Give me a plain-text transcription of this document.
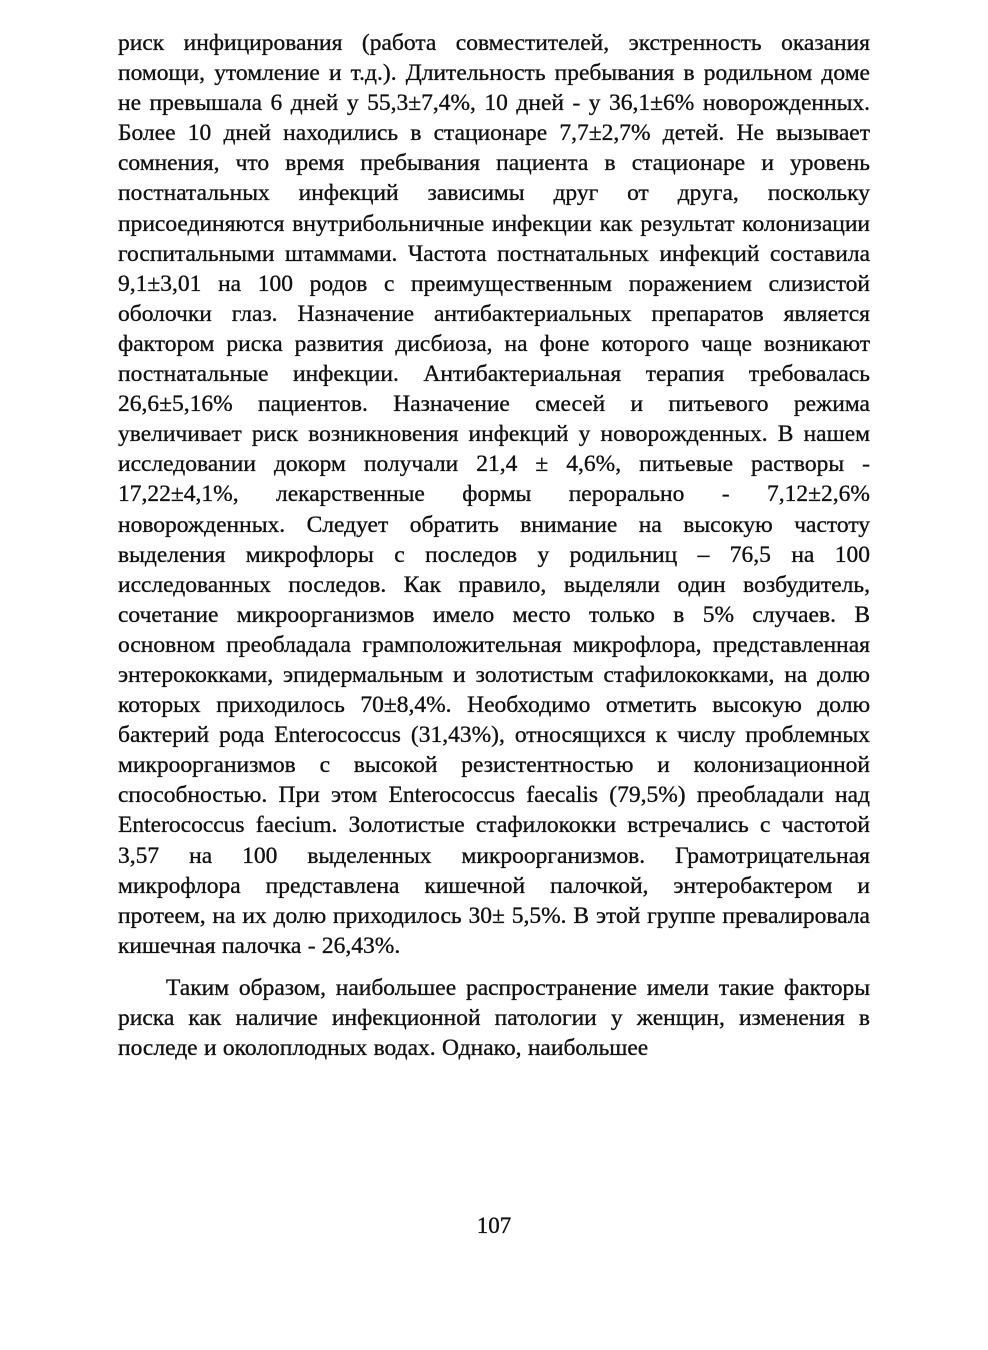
риск инфицирования (работа совместителей, экстренность оказания помощи, утомление и т.д.). Длительность пребывания в родильном доме не превышала 6 дней у 55,3±7,4%, 10 дней - у 36,1±6% новорожденных. Более 10 дней находились в стационаре 7,7±2,7% детей. Не вызывает сомнения, что время пребывания пациента в стационаре и уровень постнатальных инфекций зависимы друг от друга, поскольку присоединяются внутрибольничные инфекции как результат колонизации госпитальными штаммами. Частота постнатальных инфекций составила 9,1±3,01 на 100 родов с преимущественным поражением слизистой оболочки глаз. Назначение антибактериальных препаратов является фактором риска развития дисбиоза, на фоне которого чаще возникают постнатальные инфекции. Антибактериальная терапия требовалась 26,6±5,16% пациентов. Назначение смесей и питьевого режима увеличивает риск возникновения инфекций у новорожденных. В нашем исследовании докорм получали 21,4 ± 4,6%, питьевые растворы - 17,22±4,1%, лекарственные формы перорально - 7,12±2,6% новорожденных. Следует обратить внимание на высокую частоту выделения микрофлоры с последов у родильниц – 76,5 на 100 исследованных последов. Как правило, выделяли один возбудитель, сочетание микроорганизмов имело место только в 5% случаев. В основном преобладала грамположительная микрофлора, представленная энтерококками, эпидермальным и золотистым стафилококками, на долю которых приходилось 70±8,4%. Необходимо отметить высокую долю бактерий рода Enterococcus (31,43%), относящихся к числу проблемных микроорганизмов с высокой резистентностью и колонизационной способностью. При этом Enterococcus faecalis (79,5%) преобладали над Enterococcus faecium. Золотистые стафилококки встречались с частотой 3,57 на 100 выделенных микроорганизмов. Грамотрицательная микрофлора представлена кишечной палочкой, энтеробактером и протеем, на их долю приходилось 30± 5,5%. В этой группе превалировала кишечная палочка - 26,43%.

Таким образом, наибольшее распространение имели такие факторы риска как наличие инфекционной патологии у женщин, изменения в последе и околоплодных водах. Однако, наибольшее

107
